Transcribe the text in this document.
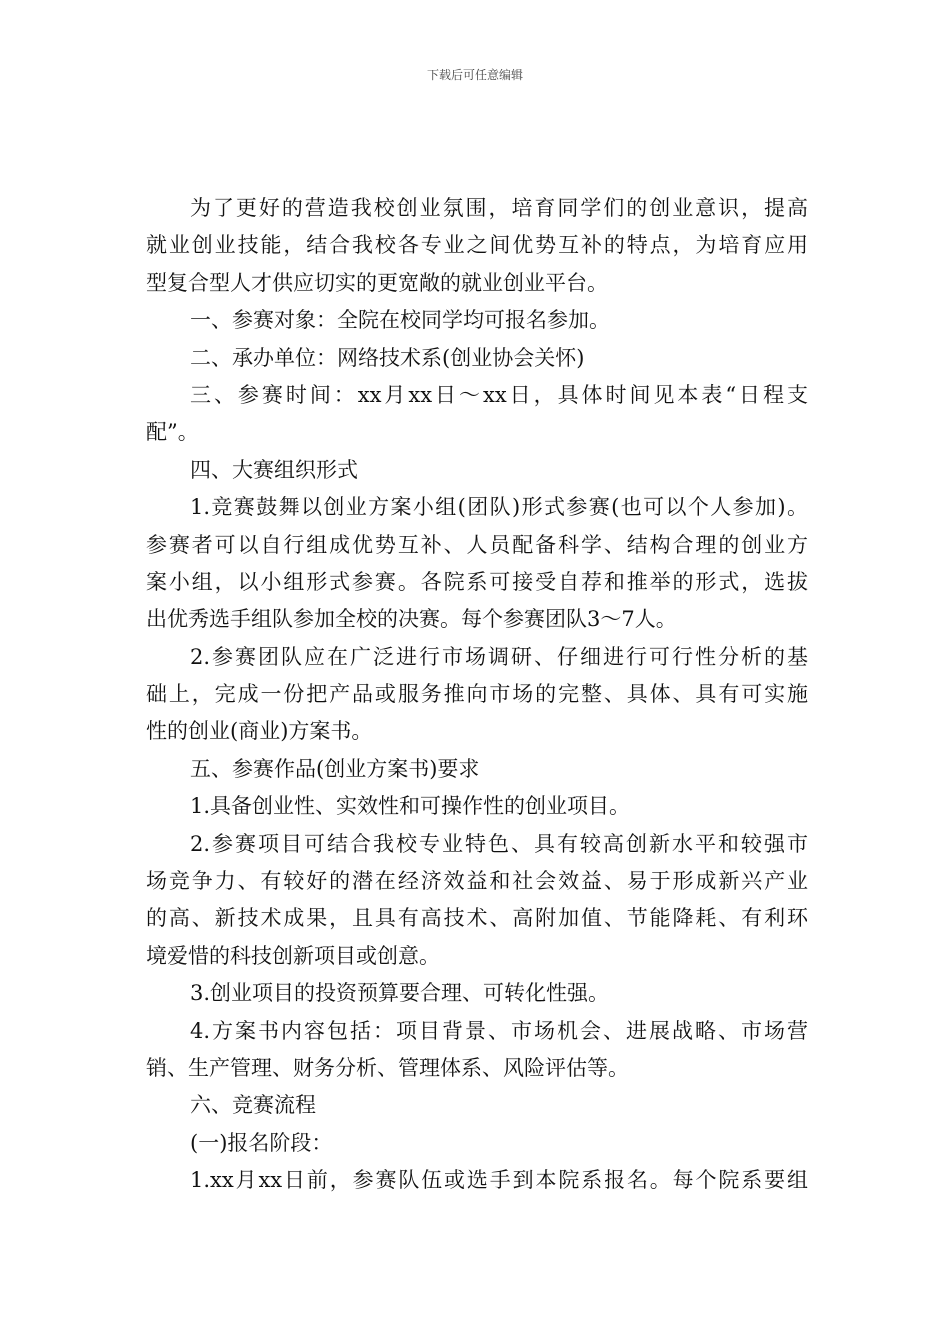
下载后可任意编辑
为了更好的营造我校创业氛围，培育同学们的创业意识，提高
就业创业技能，结合我校各专业之间优势互补的特点，为培育应用
型复合型人才供应切实的更宽敞的就业创业平台。
一、参赛对象：全院在校同学均可报名参加。
二、承办单位：网络技术系(创业协会关怀)
三、参赛时间：xx月xx日～xx日，具体时间见本表“日程支
配”。
四、大赛组织形式
1.竞赛鼓舞以创业方案小组(团队)形式参赛(也可以个人参加)。
参赛者可以自行组成优势互补、人员配备科学、结构合理的创业方
案小组，以小组形式参赛。各院系可接受自荐和推举的形式，选拔
出优秀选手组队参加全校的决赛。每个参赛团队3～7人。
2.参赛团队应在广泛进行市场调研、仔细进行可行性分析的基
础上，完成一份把产品或服务推向市场的完整、具体、具有可实施
性的创业(商业)方案书。
五、参赛作品(创业方案书)要求
1.具备创业性、实效性和可操作性的创业项目。
2.参赛项目可结合我校专业特色、具有较高创新水平和较强市
场竞争力、有较好的潜在经济效益和社会效益、易于形成新兴产业
的高、新技术成果，且具有高技术、高附加值、节能降耗、有利环
境爱惜的科技创新项目或创意。
3.创业项目的投资预算要合理、可转化性强。
4.方案书内容包括：项目背景、市场机会、进展战略、市场营
销、生产管理、财务分析、管理体系、风险评估等。
六、竞赛流程
(一)报名阶段：
1.xx月xx日前，参赛队伍或选手到本院系报名。每个院系要组
